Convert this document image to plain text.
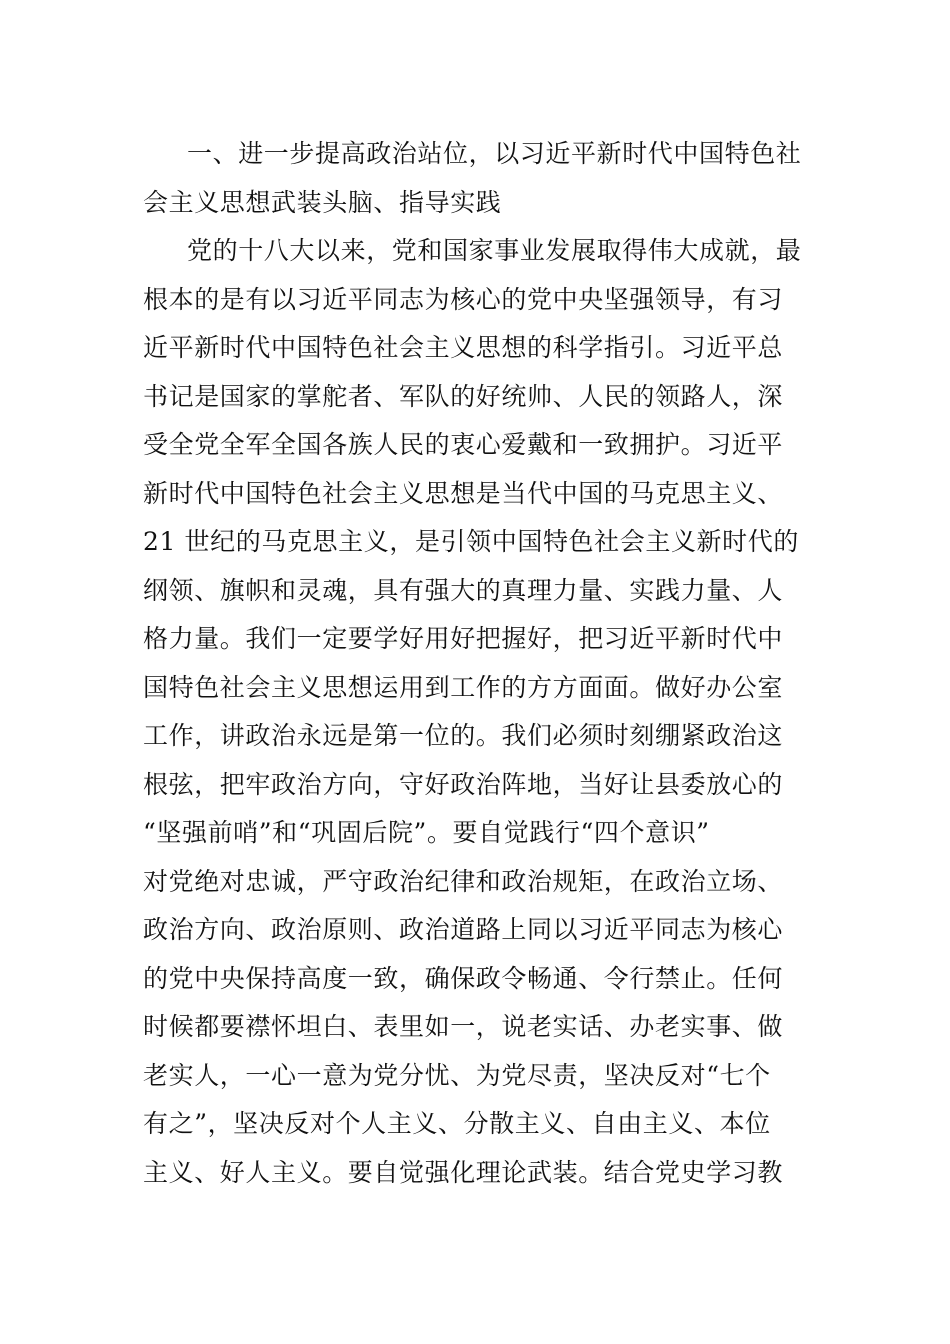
一、进一步提高政治站位，以习近平新时代中国特色社
会主义思想武装头脑、指导实践
党的十八大以来，党和国家事业发展取得伟大成就，最
根本的是有以习近平同志为核心的党中央坚强领导，有习
近平新时代中国特色社会主义思想的科学指引。习近平总
书记是国家的掌舵者、军队的好统帅、人民的领路人，深
受全党全军全国各族人民的衷心爱戴和一致拥护。习近平
新时代中国特色社会主义思想是当代中国的马克思主义、
21 世纪的马克思主义，是引领中国特色社会主义新时代的
纲领、旗帜和灵魂，具有强大的真理力量、实践力量、人
格力量。我们一定要学好用好把握好，把习近平新时代中
国特色社会主义思想运用到工作的方方面面。做好办公室
工作，讲政治永远是第一位的。我们必须时刻绷紧政治这
根弦，把牢政治方向，守好政治阵地，当好让县委放心的
“坚强前哨”和“巩固后院”。要自觉践行“四个意识”
对党绝对忠诚，严守政治纪律和政治规矩，在政治立场、
政治方向、政治原则、政治道路上同以习近平同志为核心
的党中央保持高度一致，确保政令畅通、令行禁止。任何
时候都要襟怀坦白、表里如一，说老实话、办老实事、做
老实人，一心一意为党分忧、为党尽责，坚决反对“七个
有之”，坚决反对个人主义、分散主义、自由主义、本位
主义、好人主义。要自觉强化理论武装。结合党史学习教
